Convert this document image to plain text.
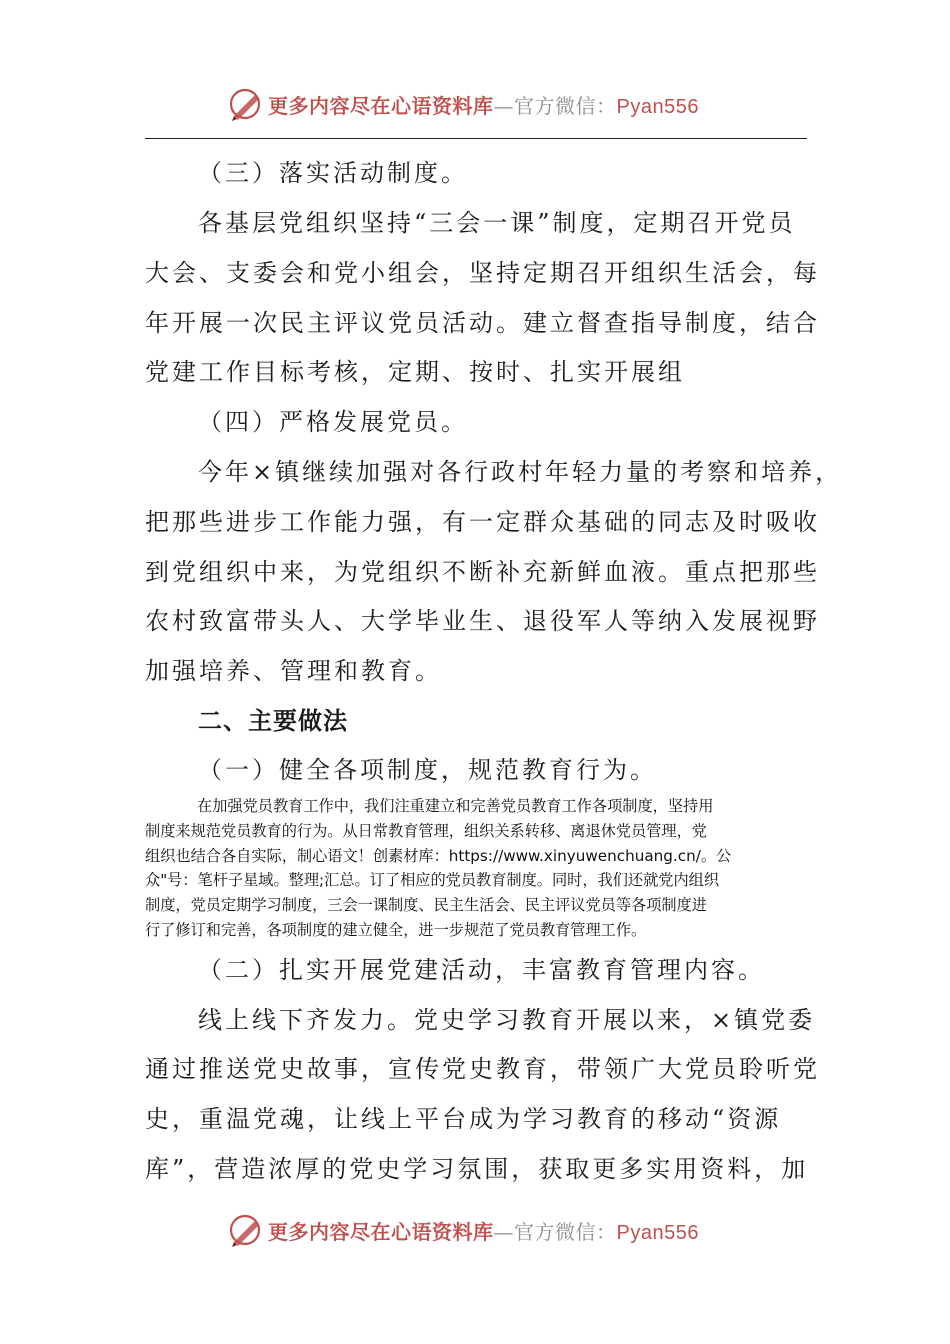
更多内容尽在心语资料库—官方微信：Pyan556
（三）落实活动制度。
各基层党组织坚持“三会一课”制度，定期召开党员
大会、支委会和党小组会，坚持定期召开组织生活会，每
年开展一次民主评议党员活动。建立督查指导制度，结合
党建工作目标考核，定期、按时、扎实开展组
（四）严格发展党员。
今年×镇继续加强对各行政村年轻力量的考察和培养，
把那些进步工作能力强，有一定群众基础的同志及时吸收
到党组织中来，为党组织不断补充新鲜血液。重点把那些
农村致富带头人、大学毕业生、退役军人等纳入发展视野
加强培养、管理和教育。
二、主要做法
（一）健全各项制度，规范教育行为。
在加强党员教育工作中，我们注重建立和完善党员教育工作各项制度，坚持用
制度来规范党员教育的行为。从日常教育管理，组织关系转移、离退休党员管理，党
组织也结合各自实际，制心语文！创素材库：https://www.xinyuwenchuang.cn/。公
众"号：笔杆子星域。整理;汇总。订了相应的党员教育制度。同时，我们还就党内组织
制度，党员定期学习制度，三会一课制度、民主生活会、民主评议党员等各项制度进
行了修订和完善，各项制度的建立健全，进一步规范了党员教育管理工作。
（二）扎实开展党建活动，丰富教育管理内容。
线上线下齐发力。党史学习教育开展以来，×镇党委
通过推送党史故事，宣传党史教育，带领广大党员聆听党
史，重温党魂，让线上平台成为学习教育的移动“资源
库”，营造浓厚的党史学习氛围，获取更多实用资料，加
更多内容尽在心语资料库—官方微信：Pyan556
